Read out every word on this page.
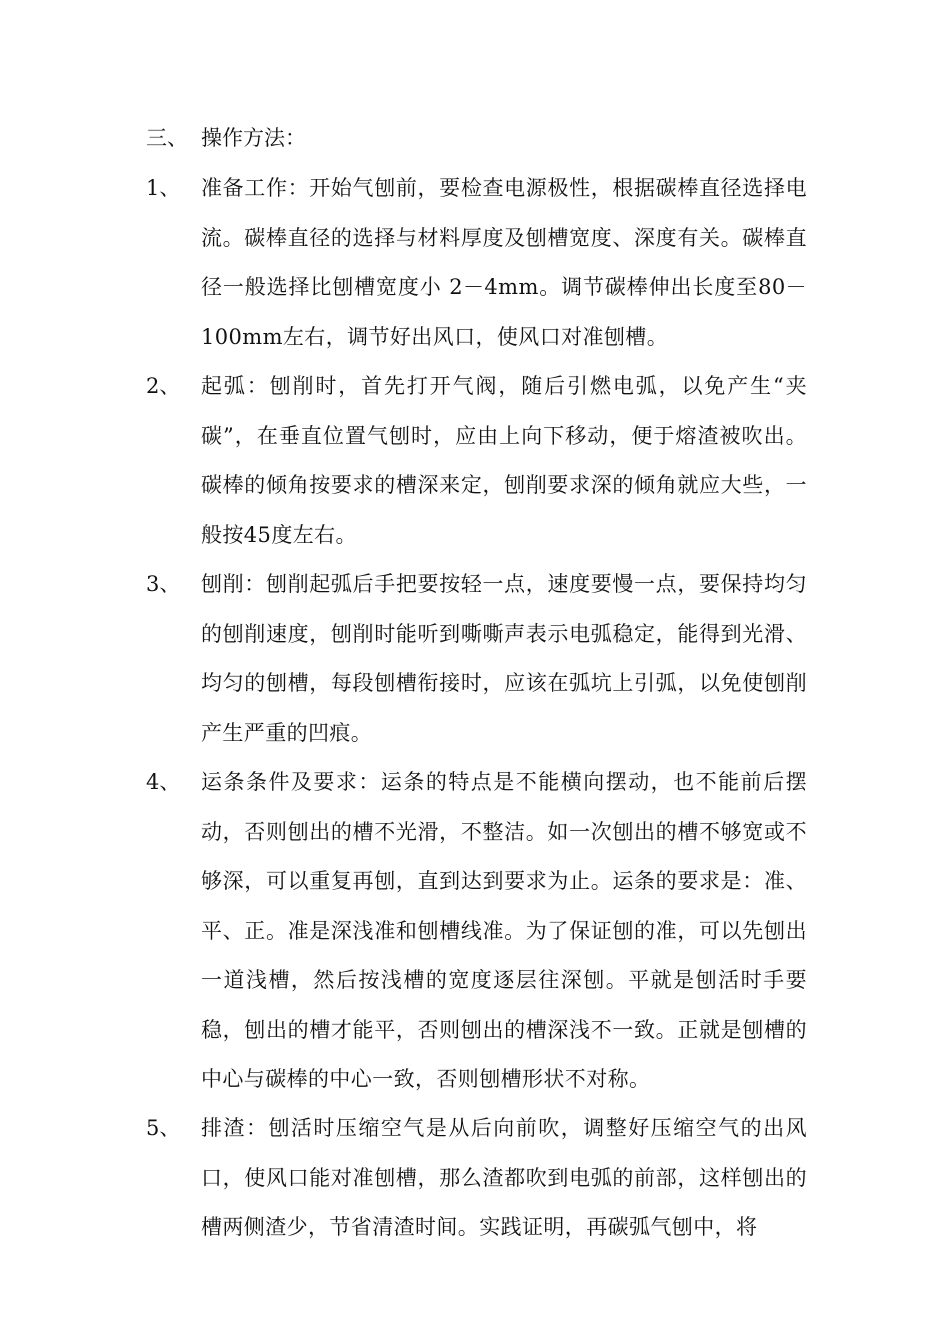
三、 操作方法：
1、 准备工作：开始气刨前，要检查电源极性，根据碳棒直径选择电流。碳棒直径的选择与材料厚度及刨槽宽度、深度有关。碳棒直径一般选择比刨槽宽度小 2－4mm。调节碳棒伸出长度至80－100mm左右，调节好出风口，使风口对准刨槽。
2、 起弧：刨削时，首先打开气阀，随后引燃电弧，以免产生“夹碳”，在垂直位置气刨时，应由上向下移动，便于熔渣被吹出。碳棒的倾角按要求的槽深来定，刨削要求深的倾角就应大些，一般按45度左右。
3、 刨削：刨削起弧后手把要按轻一点，速度要慢一点，要保持均匀的刨削速度，刨削时能听到嘶嘶声表示电弧稳定，能得到光滑、均匀的刨槽，每段刨槽衔接时，应该在弧坑上引弧，以免使刨削产生严重的凹痕。
4、 运条条件及要求：运条的特点是不能横向摆动，也不能前后摆动，否则刨出的槽不光滑，不整洁。如一次刨出的槽不够宽或不够深，可以重复再刨，直到达到要求为止。运条的要求是：准、平、正。准是深浅准和刨槽线准。为了保证刨的准，可以先刨出一道浅槽，然后按浅槽的宽度逐层往深刨。平就是刨活时手要稳，刨出的槽才能平，否则刨出的槽深浅不一致。正就是刨槽的中心与碳棒的中心一致，否则刨槽形状不对称。
5、 排渣：刨活时压缩空气是从后向前吹，调整好压缩空气的出风口，使风口能对准刨槽，那么渣都吹到电弧的前部，这样刨出的槽两侧渣少，节省清渣时间。实践证明，再碳弧气刨中，将
